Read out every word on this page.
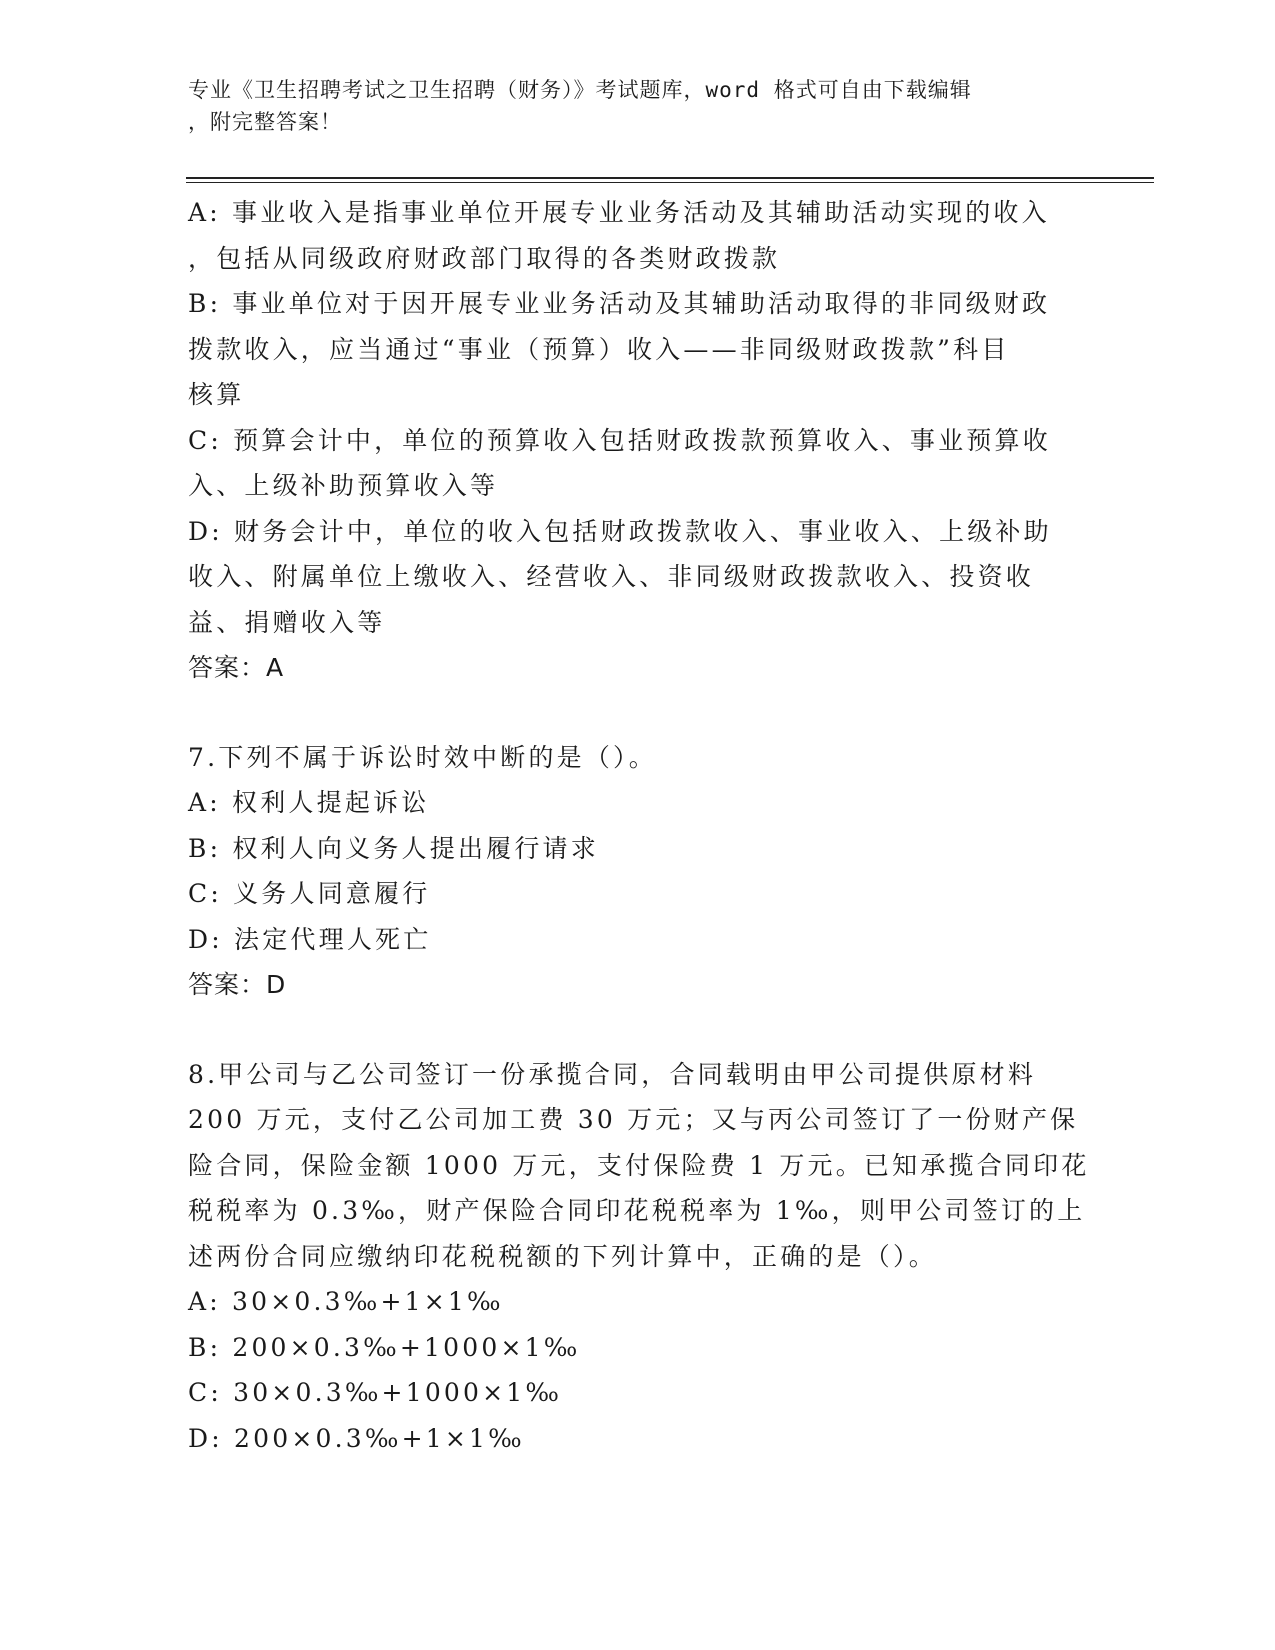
专业《卫生招聘考试之卫生招聘（财务）》考试题库，word 格式可自由下载编辑
，附完整答案！
A: 事业收入是指事业单位开展专业业务活动及其辅助活动实现的收入
，包括从同级政府财政部门取得的各类财政拨款
B: 事业单位对于因开展专业业务活动及其辅助活动取得的非同级财政
拨款收入，应当通过“事业（预算）收入——非同级财政拨款”科目
核算
C: 预算会计中，单位的预算收入包括财政拨款预算收入、事业预算收
入、上级补助预算收入等
D: 财务会计中，单位的收入包括财政拨款收入、事业收入、上级补助
收入、附属单位上缴收入、经营收入、非同级财政拨款收入、投资收
益、捐赠收入等
答案：A
7.下列不属于诉讼时效中断的是（）。
A: 权利人提起诉讼
B: 权利人向义务人提出履行请求
C: 义务人同意履行
D: 法定代理人死亡
答案：D
8.甲公司与乙公司签订一份承揽合同，合同载明由甲公司提供原材料
200 万元，支付乙公司加工费 30 万元；又与丙公司签订了一份财产保
险合同，保险金额 1000 万元，支付保险费 1 万元。已知承揽合同印花
税税率为 0.3‰，财产保险合同印花税税率为 1‰，则甲公司签订的上
述两份合同应缴纳印花税税额的下列计算中，正确的是（）。
A: 30×0.3‰+1×1‰
B: 200×0.3‰+1000×1‰
C: 30×0.3‰+1000×1‰
D: 200×0.3‰+1×1‰
